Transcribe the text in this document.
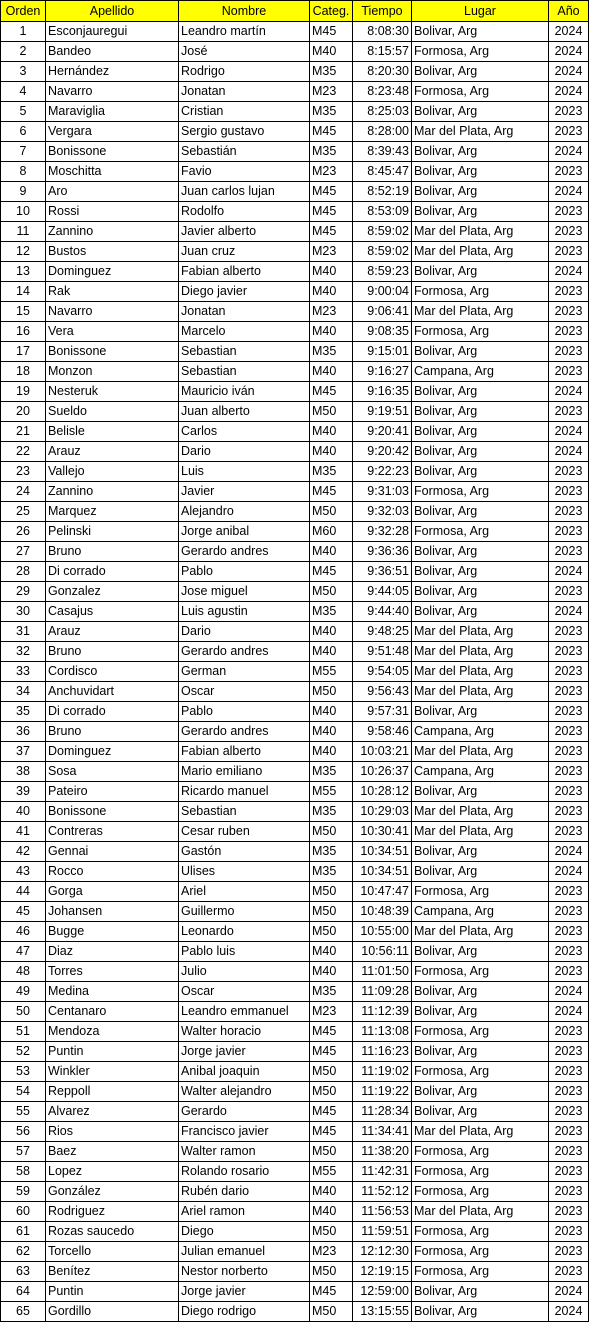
Orden	Apellido	Nombre	Categ.	Tiempo	Lugar	Año
1	Esconjauregui	Leandro martín	M45	8:08:30	Bolivar, Arg	2024
2	Bandeo	José	M40	8:15:57	Formosa, Arg	2024
3	Hernández	Rodrigo	M35	8:20:30	Bolivar, Arg	2024
4	Navarro	Jonatan	M23	8:23:48	Formosa, Arg	2024
5	Maraviglia	Cristian	M35	8:25:03	Bolivar, Arg	2023
6	Vergara	Sergio gustavo	M45	8:28:00	Mar del Plata, Arg	2023
7	Bonissone	Sebastián	M35	8:39:43	Bolivar, Arg	2024
8	Moschitta	Favio	M23	8:45:47	Bolivar, Arg	2023
9	Aro	Juan carlos lujan	M45	8:52:19	Bolivar, Arg	2024
10	Rossi	Rodolfo	M45	8:53:09	Bolivar, Arg	2023
11	Zannino	Javier alberto	M45	8:59:02	Mar del Plata, Arg	2023
12	Bustos	Juan cruz	M23	8:59:02	Mar del Plata, Arg	2023
13	Dominguez	Fabian alberto	M40	8:59:23	Bolivar, Arg	2024
14	Rak	Diego javier	M40	9:00:04	Formosa, Arg	2023
15	Navarro	Jonatan	M23	9:06:41	Mar del Plata, Arg	2023
16	Vera	Marcelo	M40	9:08:35	Formosa, Arg	2023
17	Bonissone	Sebastian	M35	9:15:01	Bolivar, Arg	2023
18	Monzon	Sebastian	M40	9:16:27	Campana, Arg	2023
19	Nesteruk	Mauricio iván	M45	9:16:35	Bolivar, Arg	2024
20	Sueldo	Juan alberto	M50	9:19:51	Bolivar, Arg	2023
21	Belisle	Carlos	M40	9:20:41	Bolivar, Arg	2024
22	Arauz	Dario	M40	9:20:42	Bolivar, Arg	2024
23	Vallejo	Luis	M35	9:22:23	Bolivar, Arg	2023
24	Zannino	Javier	M45	9:31:03	Formosa, Arg	2023
25	Marquez	Alejandro	M50	9:32:03	Bolivar, Arg	2023
26	Pelinski	Jorge anibal	M60	9:32:28	Formosa, Arg	2023
27	Bruno	Gerardo andres	M40	9:36:36	Bolivar, Arg	2023
28	Di corrado	Pablo	M45	9:36:51	Bolivar, Arg	2024
29	Gonzalez	Jose miguel	M50	9:44:05	Bolivar, Arg	2023
30	Casajus	Luis agustin	M35	9:44:40	Bolivar, Arg	2024
31	Arauz	Dario	M40	9:48:25	Mar del Plata, Arg	2023
32	Bruno	Gerardo andres	M40	9:51:48	Mar del Plata, Arg	2023
33	Cordisco	German	M55	9:54:05	Mar del Plata, Arg	2023
34	Anchuvidart	Oscar	M50	9:56:43	Mar del Plata, Arg	2023
35	Di corrado	Pablo	M40	9:57:31	Bolivar, Arg	2023
36	Bruno	Gerardo andres	M40	9:58:46	Campana, Arg	2023
37	Dominguez	Fabian alberto	M40	10:03:21	Mar del Plata, Arg	2023
38	Sosa	Mario emiliano	M35	10:26:37	Campana, Arg	2023
39	Pateiro	Ricardo manuel	M55	10:28:12	Bolivar, Arg	2023
40	Bonissone	Sebastian	M35	10:29:03	Mar del Plata, Arg	2023
41	Contreras	Cesar ruben	M50	10:30:41	Mar del Plata, Arg	2023
42	Gennai	Gastón	M35	10:34:51	Bolivar, Arg	2024
43	Rocco	Ulises	M35	10:34:51	Bolivar, Arg	2024
44	Gorga	Ariel	M50	10:47:47	Formosa, Arg	2023
45	Johansen	Guillermo	M50	10:48:39	Campana, Arg	2023
46	Bugge	Leonardo	M50	10:55:00	Mar del Plata, Arg	2023
47	Diaz	Pablo luis	M40	10:56:11	Bolivar, Arg	2023
48	Torres	Julio	M40	11:01:50	Formosa, Arg	2023
49	Medina	Oscar	M35	11:09:28	Bolivar, Arg	2024
50	Centanaro	Leandro emmanuel	M23	11:12:39	Bolivar, Arg	2024
51	Mendoza	Walter horacio	M45	11:13:08	Formosa, Arg	2023
52	Puntin	Jorge javier	M45	11:16:23	Bolivar, Arg	2023
53	Winkler	Anibal joaquin	M50	11:19:02	Formosa, Arg	2023
54	Reppoll	Walter alejandro	M50	11:19:22	Bolivar, Arg	2023
55	Alvarez	Gerardo	M45	11:28:34	Bolivar, Arg	2023
56	Rios	Francisco javier	M45	11:34:41	Mar del Plata, Arg	2023
57	Baez	Walter ramon	M50	11:38:20	Formosa, Arg	2023
58	Lopez	Rolando rosario	M55	11:42:31	Formosa, Arg	2023
59	González	Rubén dario	M40	11:52:12	Formosa, Arg	2023
60	Rodriguez	Ariel ramon	M40	11:56:53	Mar del Plata, Arg	2023
61	Rozas saucedo	Diego	M50	11:59:51	Formosa, Arg	2023
62	Torcello	Julian emanuel	M23	12:12:30	Formosa, Arg	2023
63	Benítez	Nestor norberto	M50	12:19:15	Formosa, Arg	2023
64	Puntin	Jorge javier	M45	12:59:00	Bolivar, Arg	2024
65	Gordillo	Diego rodrigo	M50	13:15:55	Bolivar, Arg	2024
